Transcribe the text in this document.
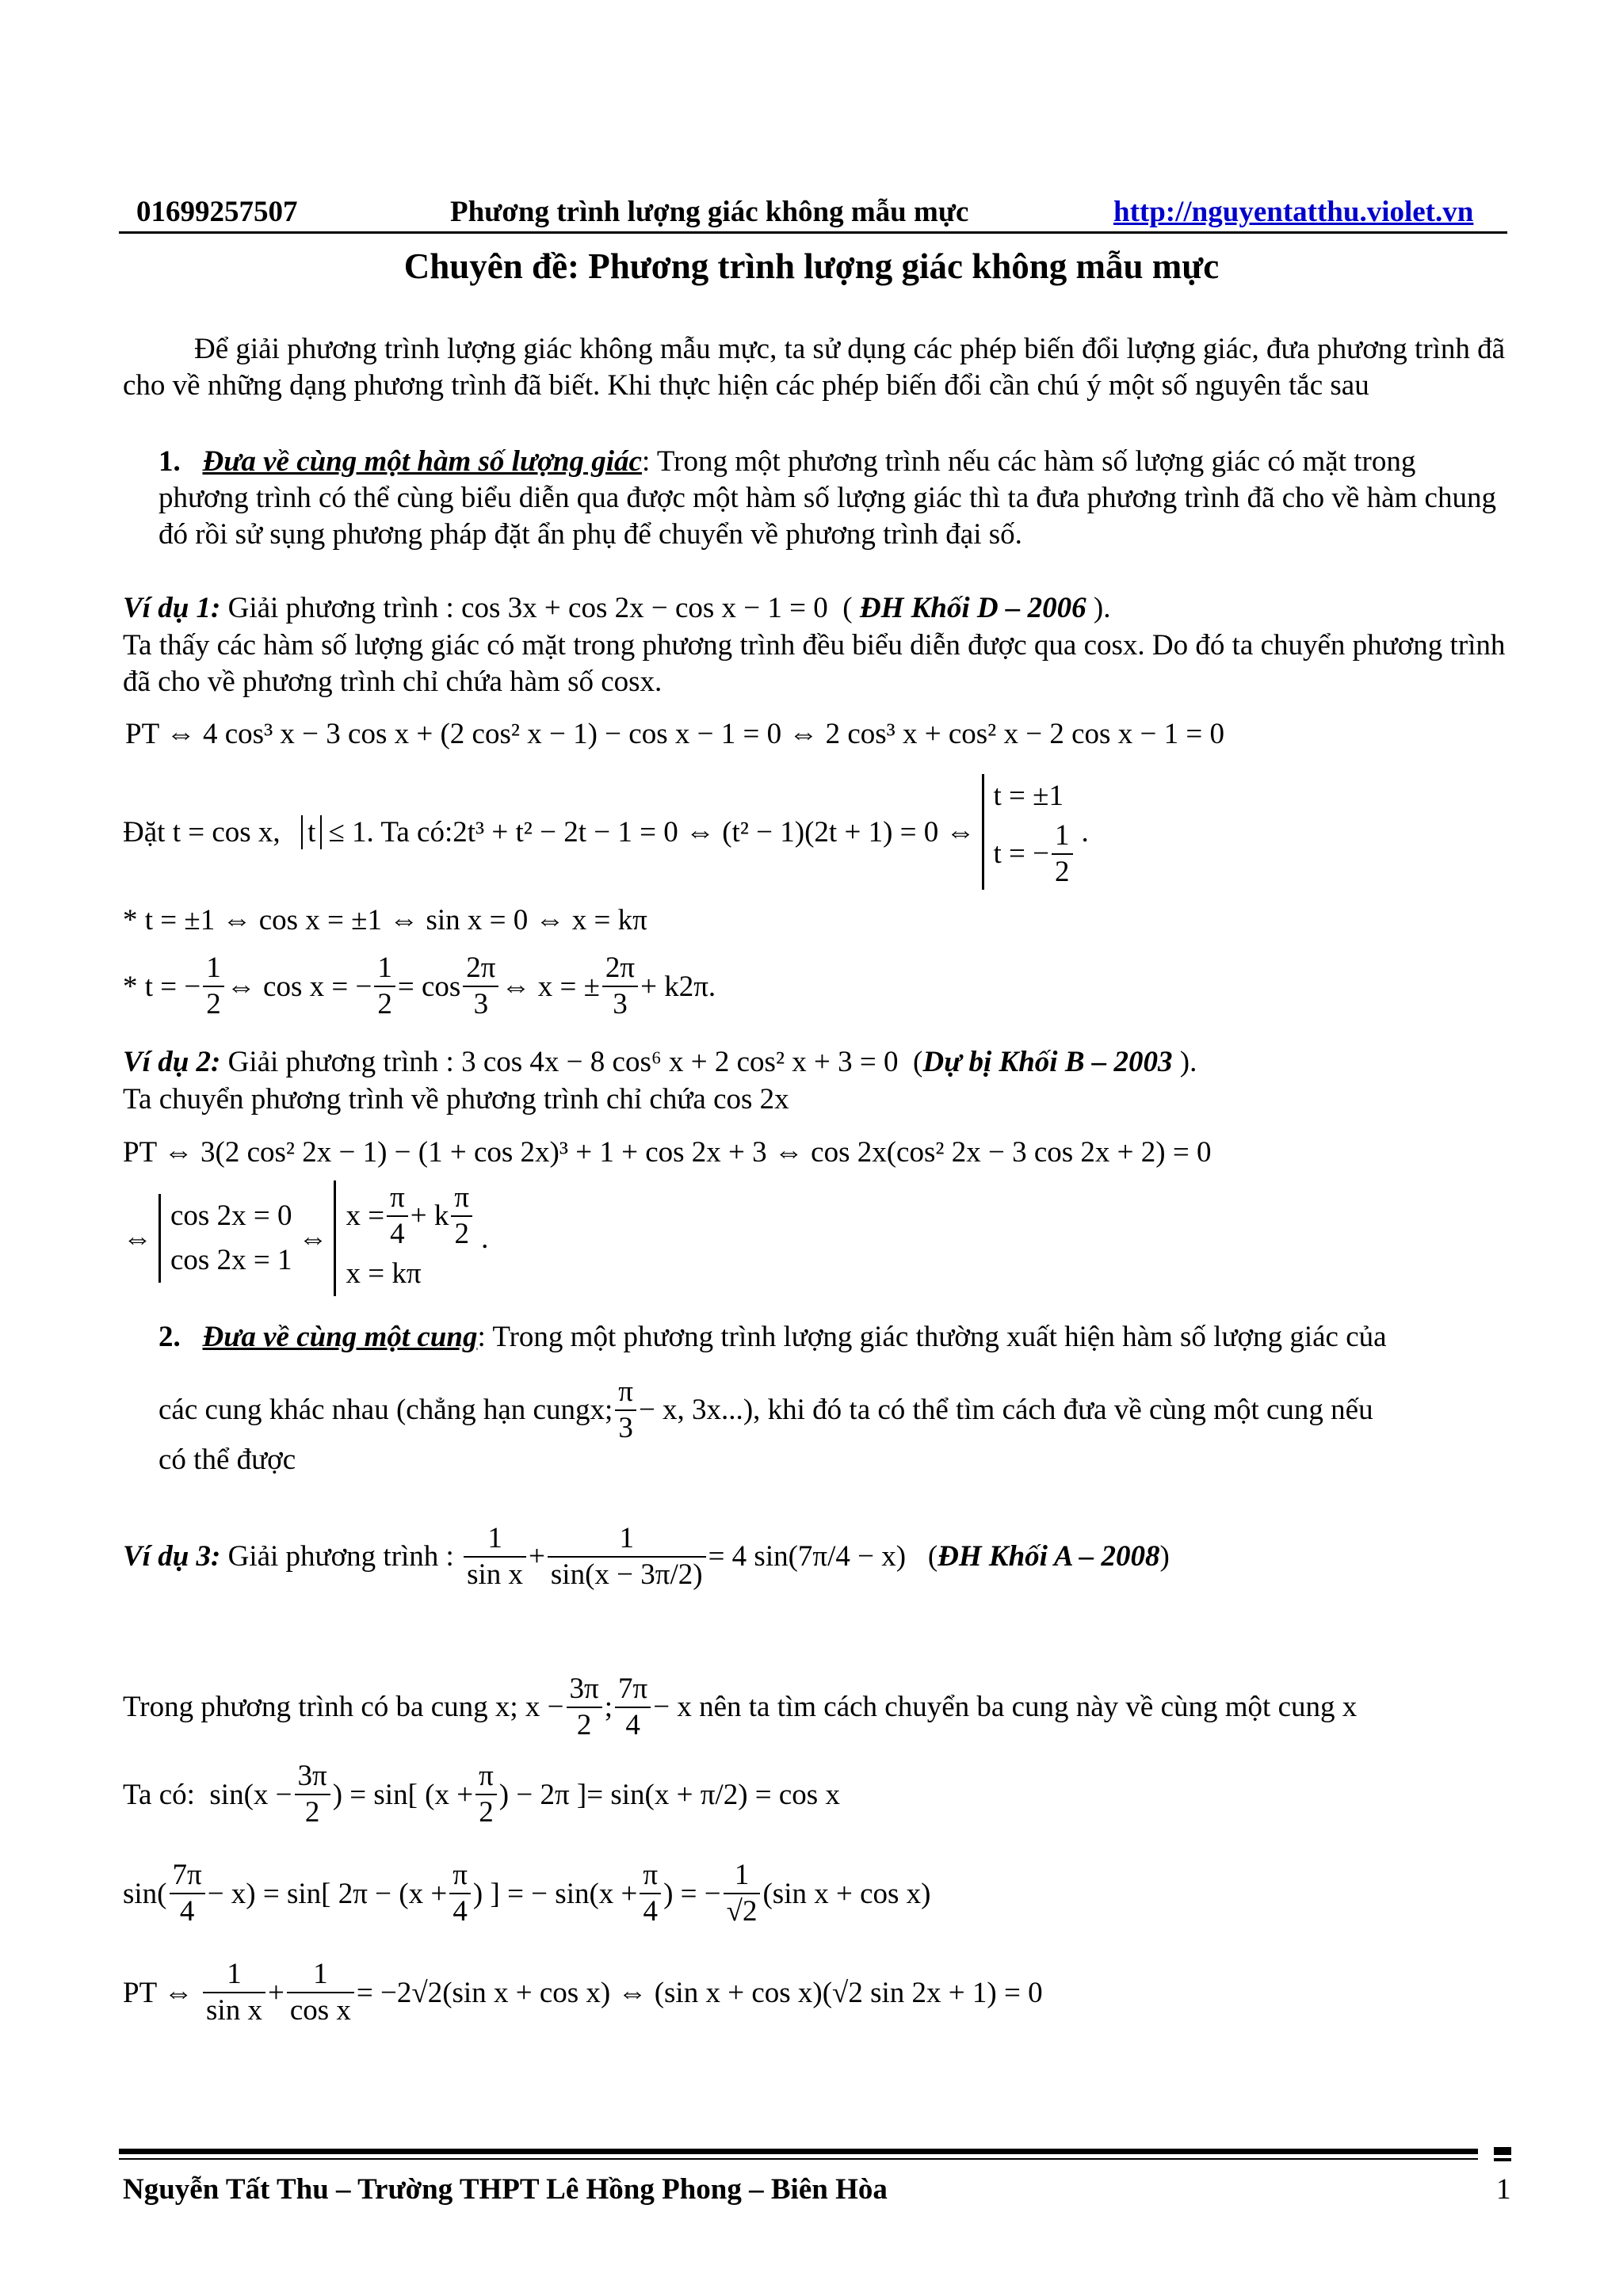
01699257507	Phương trình lượng giác không mẫu mực	http://nguyentatthu.violet.vn
Chuyên đề: Phương trình lượng giác không mẫu mực
Để giải phương trình lượng giác không mẫu mực, ta sử dụng các phép biến đổi lượng giác, đưa phương trình đã cho về những dạng phương trình đã biết. Khi thực hiện các phép biến đổi cần chú ý một số nguyên tắc sau
1. Đưa về cùng một hàm số lượng giác: Trong một phương trình nếu các hàm số lượng giác có mặt trong phương trình có thể cùng biểu diễn qua được một hàm số lượng giác thì ta đưa phương trình đã cho về hàm chung đó rồi sử sụng phương pháp đặt ẩn phụ để chuyển về phương trình đại số.
Ví dụ 1: Giải phương trình : cos 3x + cos 2x − cos x − 1 = 0  ( ĐH Khối D – 2006 ).
Ta thấy các hàm số lượng giác có mặt trong phương trình đều biểu diễn được qua cosx. Do đó ta chuyển phương trình đã cho về phương trình chỉ chứa hàm số cosx.
PT ⇔ 4 cos³ x − 3 cos x + (2 cos² x − 1) − cos x − 1 = 0 ⇔ 2 cos³ x + cos² x − 2 cos x − 1 = 0
Đặt
t = cos x,
t ≤ 1 . Ta có: 2t³ + t² − 2t − 1 = 0 ⇔ (t² − 1)(2t + 1) = 0 ⇔
t = ±1
t = − $\frac{1}{2}$ .
* t = ±1 ⇔ cos x = ±1 ⇔ sin x = 0 ⇔ x = kπ
* t = − $\frac{1}{2}$ ⇔ cos x = − $\frac{1}{2} = \cos \frac{2\pi}{3}$ ⇔ x = ± $\frac{2\pi}{3} + k2\pi$.
Ví dụ 2: Giải phương trình : 3 cos 4x − 8 cos⁶ x + 2 cos² x + 3 = 0  (Dự bị Khối B – 2003 ).
Ta chuyển phương trình về phương trình chỉ chứa cos 2x
PT ⇔ 3(2 cos² 2x − 1) − (1 + cos 2x)³ + 1 + cos 2x + 3 ⇔ cos 2x(cos² 2x − 3 cos 2x + 2) = 0
⇔
cos 2x = 0
cos 2x = 1
⇔
$x = \frac{\pi}{4} + k \frac{\pi}{2}$
x = kπ
.
2. Đưa về cùng một cung: Trong một phương trình lượng giác thường xuất hiện hàm số lượng giác của
các cung khác nhau (chẳng hạn cung x; $\frac{\pi}{3} - x$, 3x... ), khi đó ta có thể tìm cách đưa về cùng một cung nếu
có thể được
Ví dụ 3: Giải phương trình : $\frac{1}{\text{sin x}} + \frac{1}{\sin(x - 3\pi/2)} = 4$ sin(7π/4 − x) ( ĐH Khối A – 2008 )
Trong phương trình có ba cung
x; $x - \frac{3\pi}{2}$ ; $\frac{7\pi}{4} - x$
nên ta tìm cách chuyển ba cung này về cùng một cung x
Ta có: $\sin(x - \frac{3\pi}{2}$ ) = sin[ ($x + \frac{\pi}{2}$ ) − 2π ] = sin(x + π/2) = cos x
$\sin( \frac{7\pi}{4} - x) = \sin$[ $2\pi - (x + \frac{\pi}{4}$ ) ] = − $\sin(x + \frac{\pi}{4}$ ) = − $\frac{1}{√2} (\sin$ x + cos x)
PT ⇔
$\frac{1}{\text{sin x}} + \frac{1}{\text{cos x}} = -2√2(\sin$ x + cos x) ⇔ (sin x + cos x)(√2 sin 2x + 1) = 0
Nguyễn Tất Thu – Trường THPT Lê Hồng Phong – Biên Hòa	1
